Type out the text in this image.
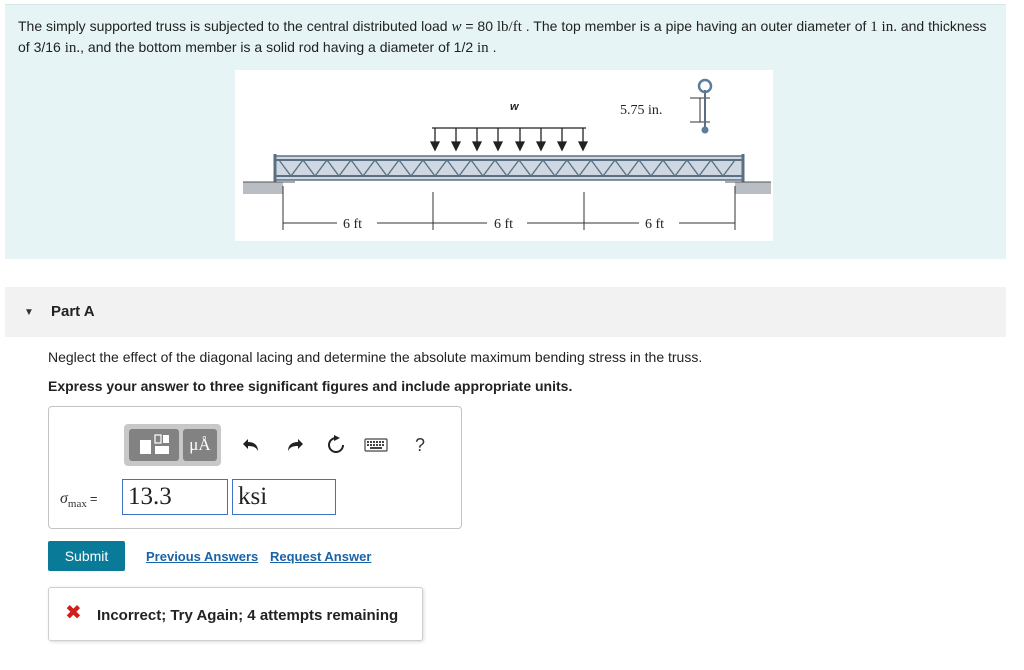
The simply supported truss is subjected to the central distributed load w = 80 lb/ft . The top member is a pipe having an outer diameter of 1 in. and thickness of 3/16 in., and the bottom member is a solid rod having a diameter of 1/2 in .
w
6 ft	6 ft	6 ft
5.75 in.
▼ Part A
Neglect the effect of the diagonal lacing and determine the absolute maximum bending stress in the truss.
Express your answer to three significant figures and include appropriate units.
μÅ	?
$\sigma_{max} = 13.3$	ksi
Submit	Previous Answers Request Answer
✖ Incorrect; Try Again; 4 attempts remaining
